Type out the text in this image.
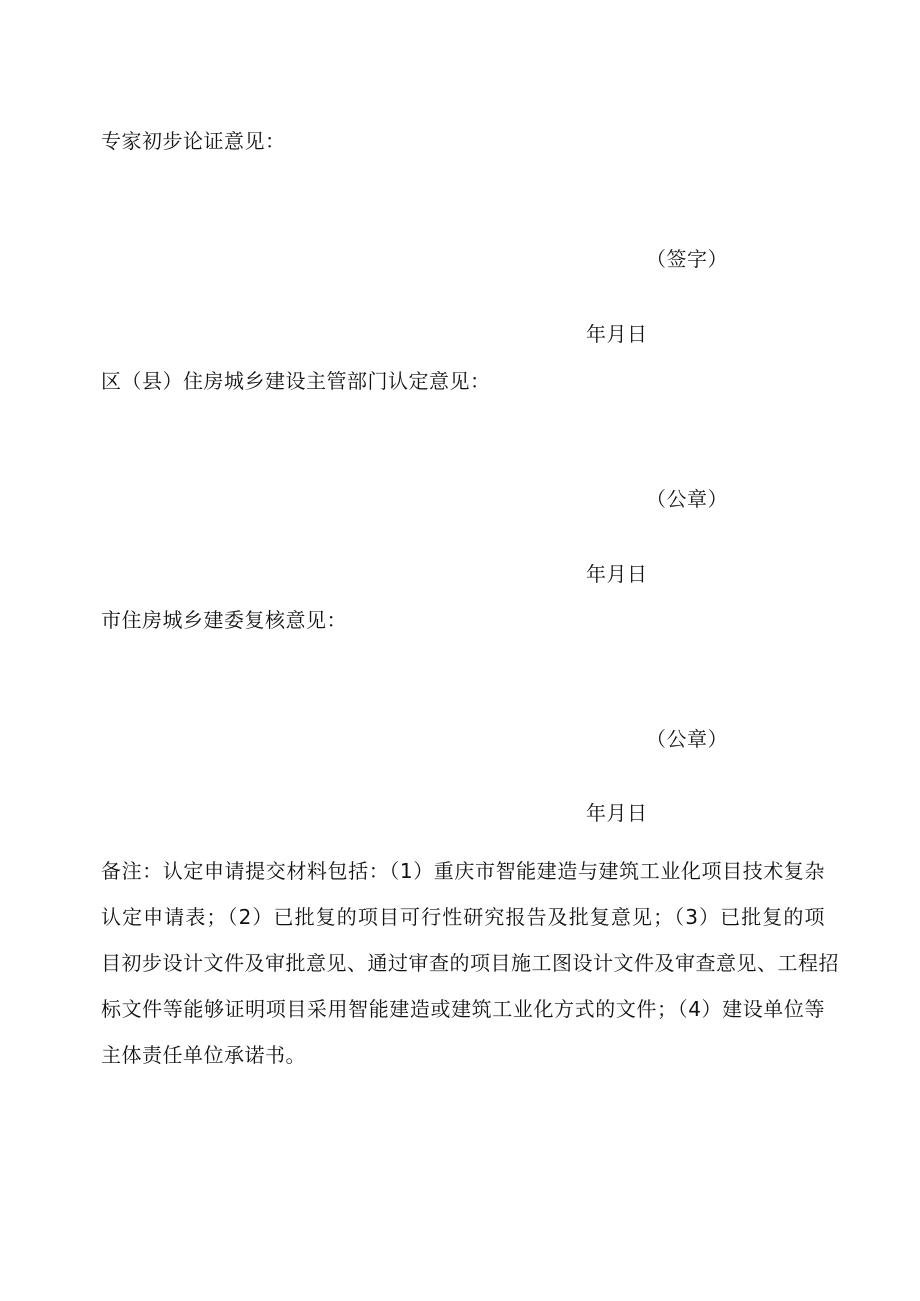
专家初步论证意见：
（签字）
年月日
区（县）住房城乡建设主管部门认定意见：
（公章）
年月日
市住房城乡建委复核意见：
（公章）
年月日
备注：认定申请提交材料包括：（1）重庆市智能建造与建筑工业化项目技术复杂
认定申请表；（2）已批复的项目可行性研究报告及批复意见；（3）已批复的项
目初步设计文件及审批意见、通过审查的项目施工图设计文件及审查意见、工程招
标文件等能够证明项目采用智能建造或建筑工业化方式的文件；（4）建设单位等
主体责任单位承诺书。
